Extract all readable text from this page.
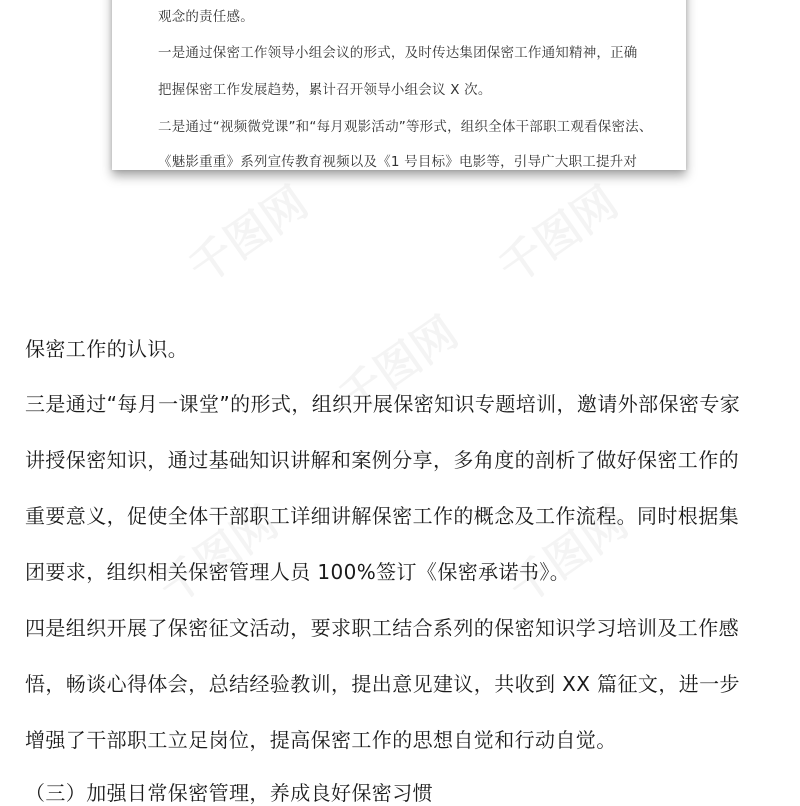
观念的责任感。
一是通过保密工作领导小组会议的形式，及时传达集团保密工作通知精神，正确
把握保密工作发展趋势，累计召开领导小组会议 X 次。
二是通过“视频微党课”和“每月观影活动”等形式，组织全体干部职工观看保密法、
《魅影重重》系列宣传教育视频以及《1 号目标》电影等，引导广大职工提升对
保密工作的认识。
三是通过“每月一课堂”的形式，组织开展保密知识专题培训，邀请外部保密专家
讲授保密知识，通过基础知识讲解和案例分享，多角度的剖析了做好保密工作的
重要意义，促使全体干部职工详细讲解保密工作的概念及工作流程。同时根据集
团要求，组织相关保密管理人员 100%签订《保密承诺书》。
四是组织开展了保密征文活动，要求职工结合系列的保密知识学习培训及工作感
悟，畅谈心得体会，总结经验教训，提出意见建议，共收到 XX 篇征文，进一步
增强了干部职工立足岗位，提高保密工作的思想自觉和行动自觉。
（三）加强日常保密管理，养成良好保密习惯
